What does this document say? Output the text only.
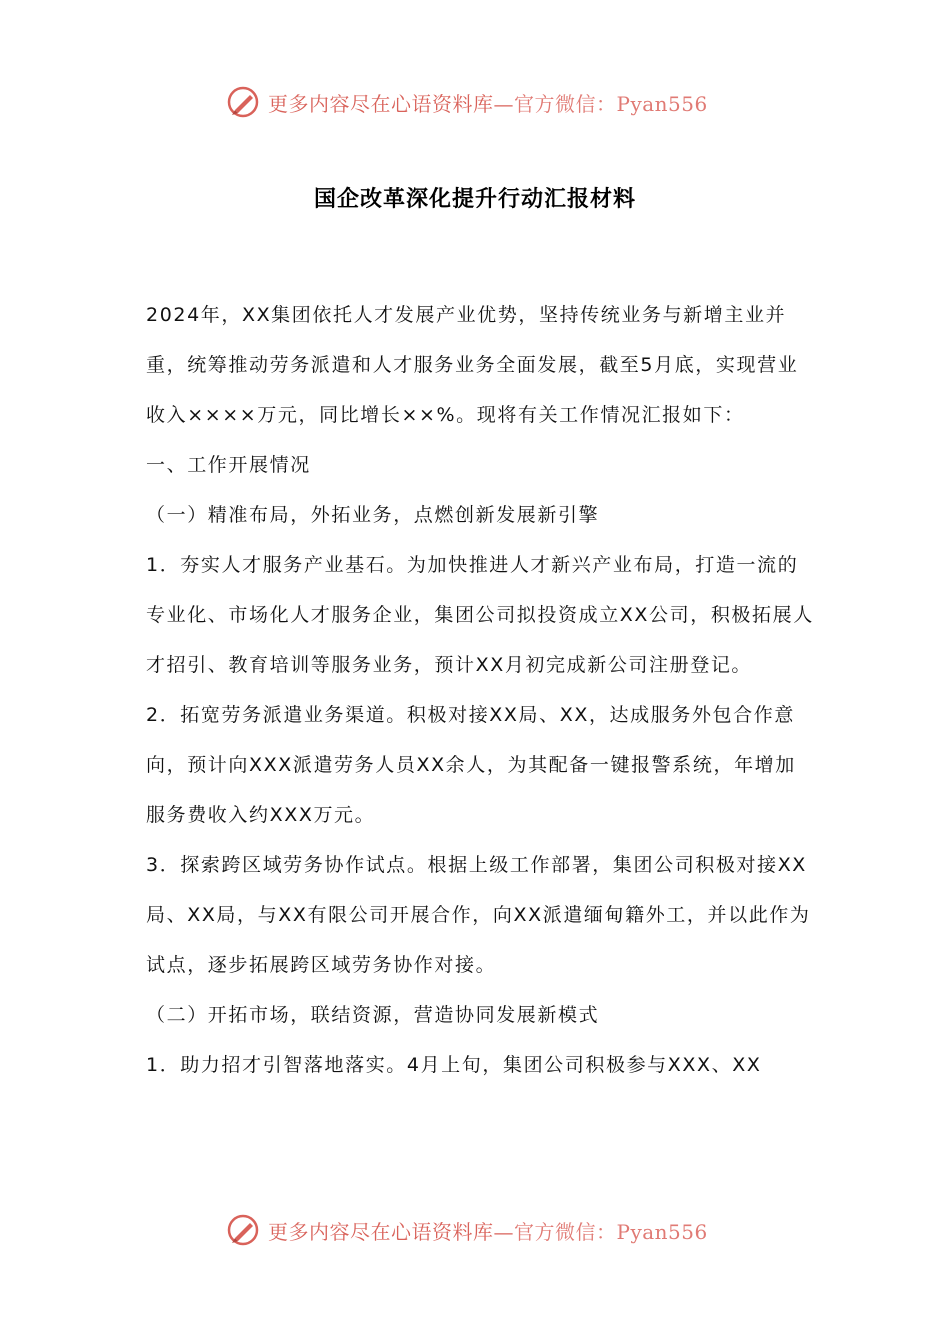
更多内容尽在心语资料库—官方微信：Pyan556
国企改革深化提升行动汇报材料

2024年，XX集团依托人才发展产业优势，坚持传统业务与新增主业并重，统筹推动劳务派遣和人才服务业务全面发展，截至5月底，实现营业收入××××万元，同比增长××%。现将有关工作情况汇报如下：

一、工作开展情况

（一）精准布局，外拓业务，点燃创新发展新引擎

1．夯实人才服务产业基石。为加快推进人才新兴产业布局，打造一流的专业化、市场化人才服务企业，集团公司拟投资成立XX公司，积极拓展人才招引、教育培训等服务业务，预计XX月初完成新公司注册登记。

2．拓宽劳务派遣业务渠道。积极对接XX局、XX，达成服务外包合作意向，预计向XXX派遣劳务人员XX余人，为其配备一键报警系统，年增加服务费收入约XXX万元。

3．探索跨区域劳务协作试点。根据上级工作部署，集团公司积极对接XX局、XX局，与XX有限公司开展合作，向XX派遣缅甸籍外工，并以此作为试点，逐步拓展跨区域劳务协作对接。

（二）开拓市场，联结资源，营造协同发展新模式

1．助力招才引智落地落实。4月上旬，集团公司积极参与XXX、XX

更多内容尽在心语资料库—官方微信：Pyan556
